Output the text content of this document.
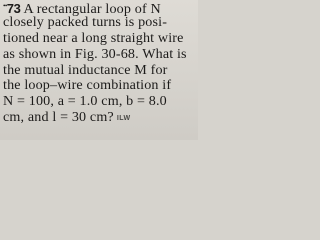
••73 A rectangular loop of N
closely packed turns is posi-
tioned near a long straight wire
as shown in Fig. 30-68. What is
the mutual inductance M for
the loop–wire combination if
N = 100, a = 1.0 cm, b = 8.0
cm, and l = 30 cm? ILW
